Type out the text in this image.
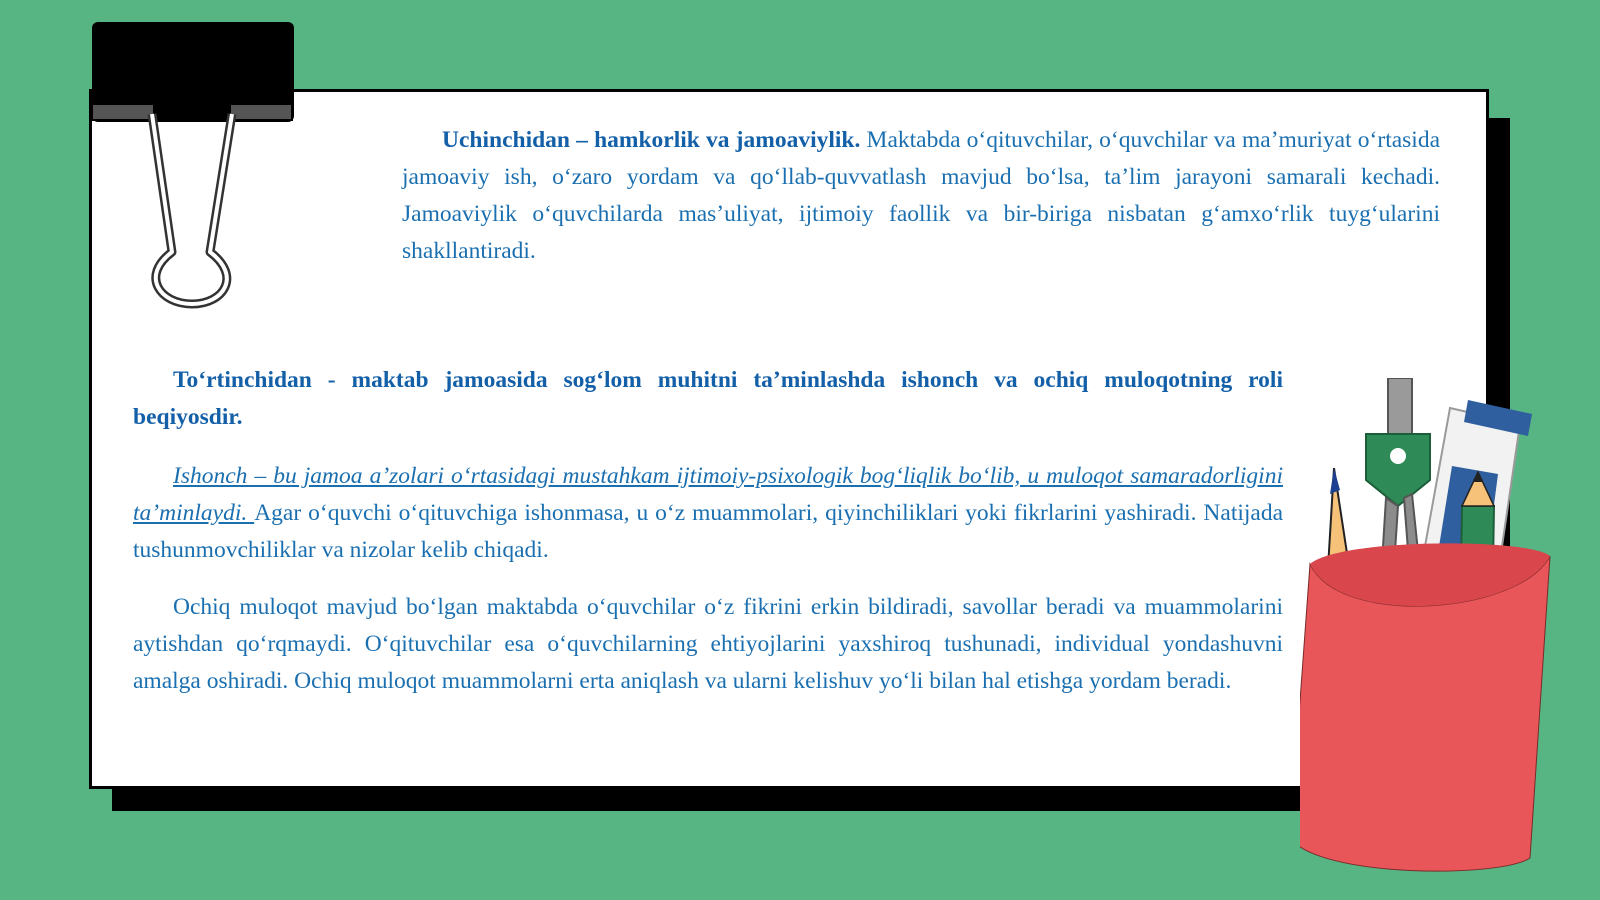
Uchinchidan – hamkorlik va jamoaviylik. Maktabda o‘qituvchilar, o‘quvchilar va ma’muriyat o‘rtasida jamoaviy ish, o‘zaro yordam va qo‘llab-quvvatlash mavjud bo‘lsa, ta’lim jarayoni samarali kechadi. Jamoaviylik o‘quvchilarda mas’uliyat, ijtimoiy faollik va bir-biriga nisbatan g‘amxo‘rlik tuyg‘ularini shakllantiradi.

To‘rtinchidan - maktab jamoasida sog‘lom muhitni ta’minlashda ishonch va ochiq muloqotning roli beqiyosdir.

Ishonch – bu jamoa a’zolari o‘rtasidagi mustahkam ijtimoiy-psixologik bog‘liqlik bo‘lib, u muloqot samaradorligini ta’minlaydi. Agar o‘quvchi o‘qituvchiga ishonmasa, u o‘z muammolari, qiyinchiliklari yoki fikrlarini yashiradi. Natijada tushunmovchiliklar va nizolar kelib chiqadi.

Ochiq muloqot mavjud bo‘lgan maktabda o‘quvchilar o‘z fikrini erkin bildiradi, savollar beradi va muammolarini aytishdan qo‘rqmaydi. O‘qituvchilar esa o‘quvchilarning ehtiyojlarini yaxshiroq tushunadi, individual yondashuvni amalga oshiradi. Ochiq muloqot muammolarni erta aniqlash va ularni kelishuv yo‘li bilan hal etishga yordam beradi.
